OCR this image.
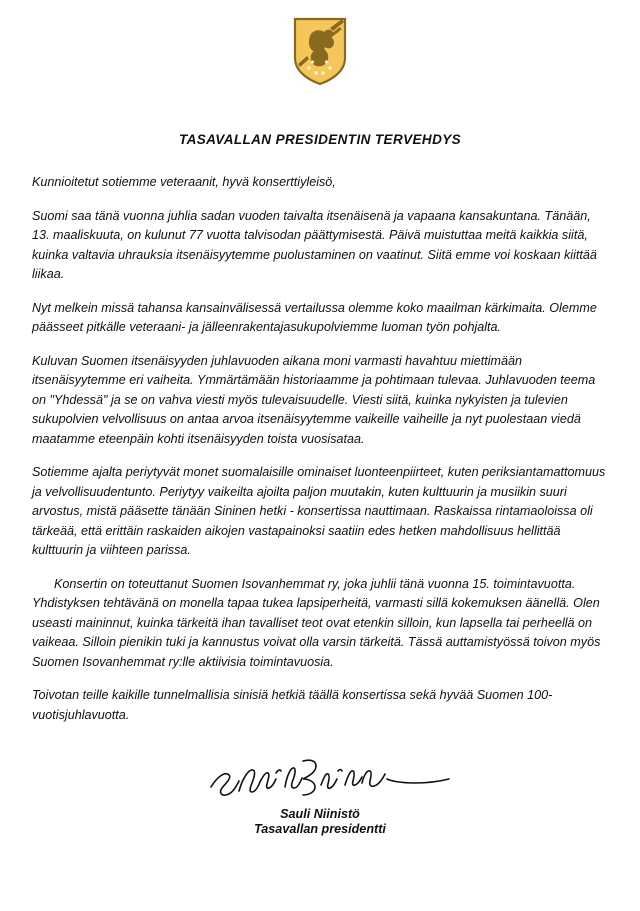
TASAVALLAN PRESIDENTIN TERVEHDYS

Kunnioitetut sotiemme veteraanit, hyvä konserttiyleisö,

Suomi saa tänä vuonna juhlia sadan vuoden taivalta itsenäisenä ja vapaana kansakuntana. Tänään, 13. maaliskuuta, on kulunut 77 vuotta talvisodan päättymisestä. Päivä muistuttaa meitä kaikkia siitä, kuinka valtavia uhrauksia itsenäisyytemme puolustaminen on vaatinut. Siitä emme voi koskaan kiittää liikaa.

Nyt melkein missä tahansa kansainvälisessä vertailussa olemme koko maailman kärkimaita. Olemme päässeet pitkälle veteraani- ja jälleenrakentajasukupolviemme luoman työn pohjalta.

Kuluvan Suomen itsenäisyyden juhlavuoden aikana moni varmasti havahtuu miettimään itsenäisyytemme eri vaiheita. Ymmärtämään historiaamme ja pohtimaan tulevaa. Juhlavuoden teema on "Yhdessä" ja se on vahva viesti myös tulevaisuudelle. Viesti siitä, kuinka nykyisten ja tulevien sukupolvien velvollisuus on antaa arvoa itsenäisyytemme vaikeille vaiheille ja nyt puolestaan viedä maatamme eteenpäin kohti itsenäisyyden toista vuosisataa.

Sotiemme ajalta periytyvät monet suomalaisille ominaiset luonteenpiirteet, kuten periksiantamattomuus ja velvollisuudentunto. Periytyy vaikeilta ajoilta paljon muutakin, kuten kulttuurin ja musiikin suuri arvostus, mistä pääsette tänään Sininen hetki - konsertissa nauttimaan. Raskaissa rintamaoloissa oli tärkeää, että erittäin raskaiden aikojen vastapainoksi saatiin edes hetken mahdollisuus hellittää kulttuurin ja viihteen parissa.

Konsertin on toteuttanut Suomen Isovanhemmat ry, joka juhlii tänä vuonna 15. toimintavuotta. Yhdistyksen tehtävänä on monella tapaa tukea lapsiperheitä, varmasti sillä kokemuksen äänellä. Olen useasti maininnut, kuinka tärkeitä ihan tavalliset teot ovat etenkin silloin, kun lapsella tai perheellä on vaikeaa. Silloin pienikin tuki ja kannustus voivat olla varsin tärkeitä. Tässä auttamistyössä toivon myös Suomen Isovanhemmat ry:lle aktiivisia toimintavuosia.

Toivotan teille kaikille tunnelmallisia sinisiä hetkiä täällä konsertissa sekä hyvää Suomen 100-vuotisjuhlavuotta.

Sauli Niinistö

Tasavallan presidentti
